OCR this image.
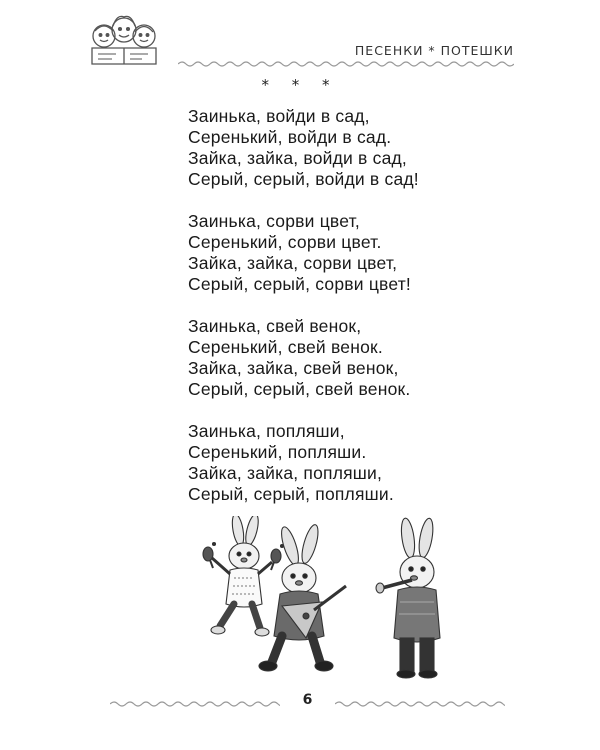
ПЕСЕНКИ * ПОТЕШКИ
* * *
Заинька, войди в сад,
Серенький, войди в сад.
Зайка, зайка, войди в сад,
Серый, серый, войди в сад!
Заинька, сорви цвет,
Серенький, сорви цвет.
Зайка, зайка, сорви цвет,
Серый, серый, сорви цвет!
Заинька, свей венок,
Серенький, свей венок.
Зайка, зайка, свей венок,
Серый, серый, свей венок.
Заинька, попляши,
Серенький, попляши.
Зайка, зайка, попляши,
Серый, серый, попляши.
6
